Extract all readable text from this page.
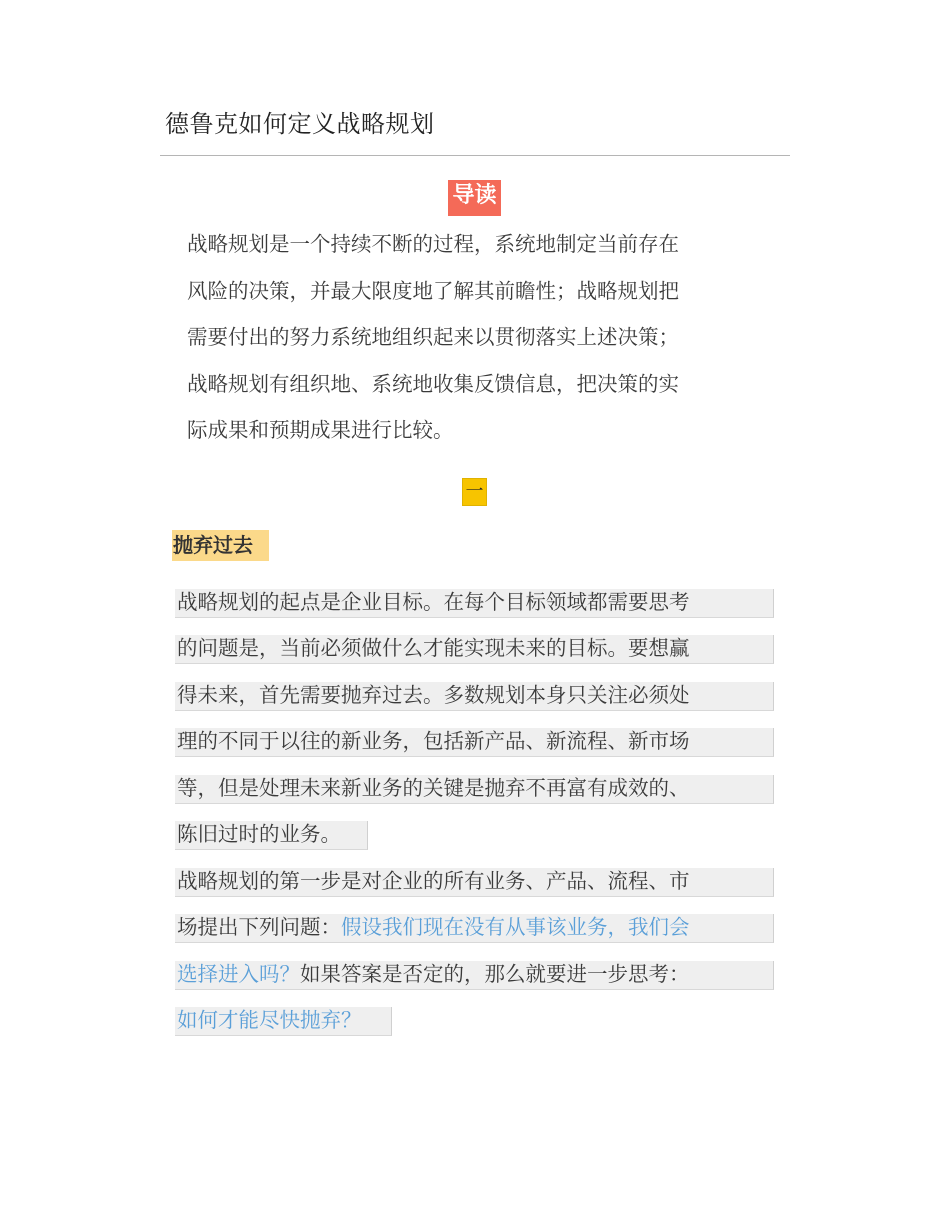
德鲁克如何定义战略规划
导读
战略规划是一个持续不断的过程，系统地制定当前存在
风险的决策，并最大限度地了解其前瞻性；战略规划把
需要付出的努力系统地组织起来以贯彻落实上述决策；
战略规划有组织地、系统地收集反馈信息，把决策的实
际成果和预期成果进行比较。
一
抛弃过去
战略规划的起点是企业目标。在每个目标领域都需要思考
的问题是，当前必须做什么才能实现未来的目标。要想赢
得未来，首先需要抛弃过去。多数规划本身只关注必须处
理的不同于以往的新业务，包括新产品、新流程、新市场
等，但是处理未来新业务的关键是抛弃不再富有成效的、
陈旧过时的业务。
战略规划的第一步是对企业的所有业务、产品、流程、市
场提出下列问题：假设我们现在没有从事该业务，我们会
选择进入吗？如果答案是否定的，那么就要进一步思考：
如何才能尽快抛弃？
